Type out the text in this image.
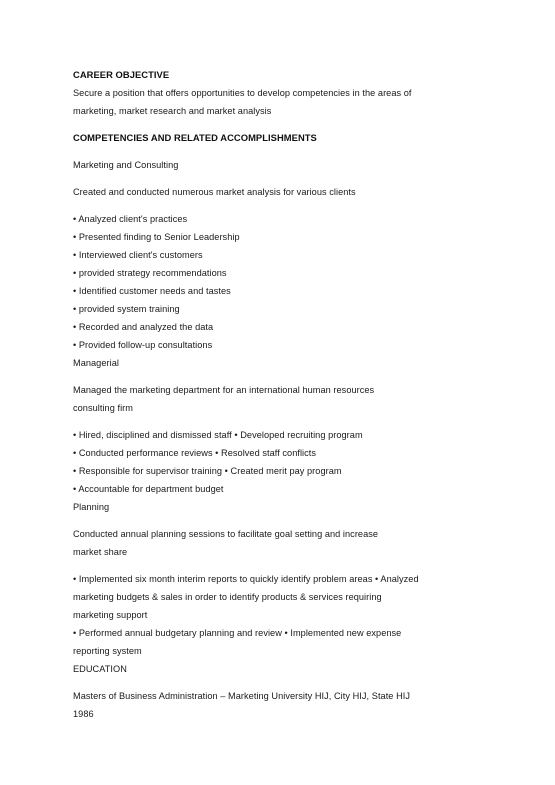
CAREER OBJECTIVE
Secure a position that offers opportunities to develop competencies in the areas of marketing, market research and market analysis
COMPETENCIES AND RELATED ACCOMPLISHMENTS
Marketing and Consulting
Created and conducted numerous market analysis for various clients
• Analyzed client's practices
• Presented finding to Senior Leadership
• Interviewed client's customers
• provided strategy recommendations
• Identified customer needs and tastes
• provided system training
• Recorded and analyzed the data
• Provided follow-up consultations
Managerial
Managed the marketing department for an international human resources consulting firm
• Hired, disciplined and dismissed staff • Developed recruiting program
• Conducted performance reviews • Resolved staff conflicts
• Responsible for supervisor training • Created merit pay program
• Accountable for department budget
Planning
Conducted annual planning sessions to facilitate goal setting and increase market share
• Implemented six month interim reports to quickly identify problem areas • Analyzed marketing budgets & sales in order to identify products & services requiring marketing support
• Performed annual budgetary planning and review • Implemented new expense reporting system
EDUCATION
Masters of Business Administration – Marketing University HIJ, City HIJ, State HIJ 1986
